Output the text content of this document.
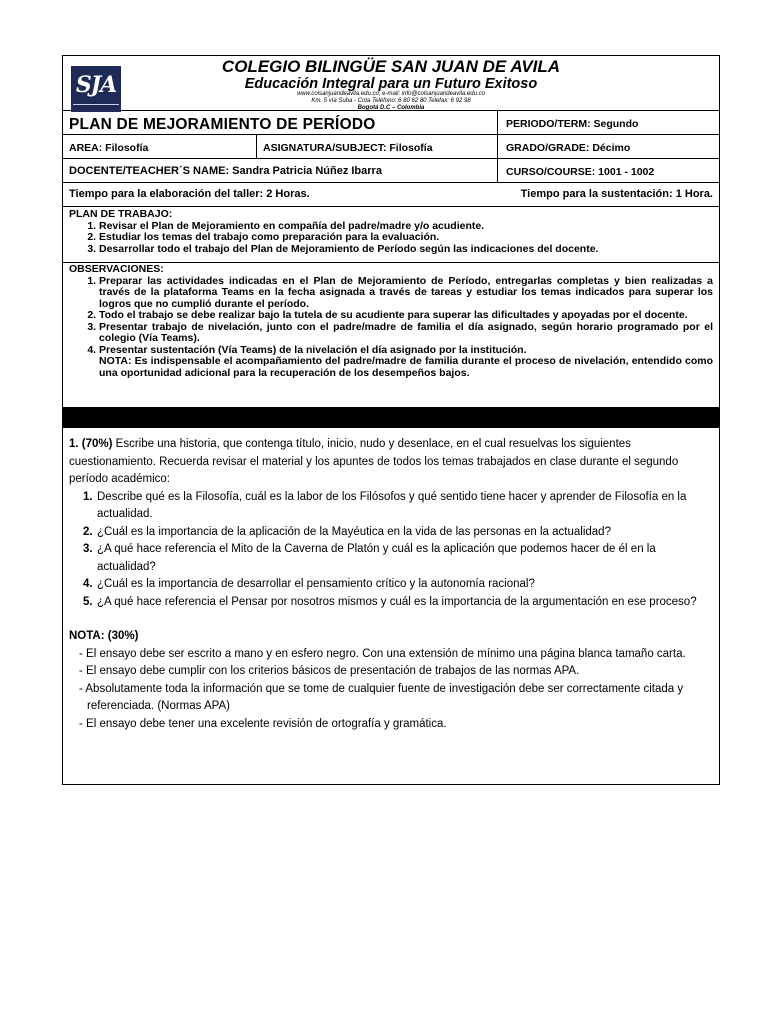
SJA
COLEGIO BILINGÜE SAN JUAN DE AVILA
Educación Integral para un Futuro Exitoso
www.colsanjuandeavila.edu.co; e-mail: info@colsanjuandeavila.edu.co
Km. 5 vía Suba - Cota Teléfono: 6 80 62 80 Telefax: 6 92 98
Bogotá D.C – Colombia
PLAN DE MEJORAMIENTO DE PERÍODO	PERIODO/TERM: Segundo
AREA: Filosofía	ASIGNATURA/SUBJECT: Filosofía	GRADO/GRADE: Décimo
DOCENTE/TEACHER´S NAME: Sandra Patricia Núñez Ibarra	CURSO/COURSE: 1001 - 1002
Tiempo para la elaboración del taller: 2 Horas.	Tiempo para la sustentación: 1 Hora.
PLAN DE TRABAJO:
1. Revisar el Plan de Mejoramiento en compañía del padre/madre y/o acudiente.
2. Estudiar los temas del trabajo como preparación para la evaluación.
3. Desarrollar todo el trabajo del Plan de Mejoramiento de Período según las indicaciones del docente.
OBSERVACIONES:
1. Preparar las actividades indicadas en el Plan de Mejoramiento de Período, entregarlas completas y bien realizadas a través de la plataforma Teams en la fecha asignada a través de tareas y estudiar los temas indicados para superar los logros que no cumplió durante el período.
2. Todo el trabajo se debe realizar bajo la tutela de su acudiente para superar las dificultades y apoyadas por el docente.
3. Presentar trabajo de nivelación, junto con el padre/madre de familia el día asignado, según horario programado por el colegio (Vía Teams).
4. Presentar sustentación (Vía Teams) de la nivelación el día asignado por la institución.
NOTA: Es indispensable el acompañamiento del padre/madre de familia durante el proceso de nivelación, entendido como una oportunidad adicional para la recuperación de los desempeños bajos.

1. (70%) Escribe una historia, que contenga título, inicio, nudo y desenlace, en el cual resuelvas los siguientes cuestionamiento. Recuerda revisar el material y los apuntes de todos los temas trabajados en clase durante el segundo período académico:

1. Describe qué es la Filosofía, cuál es la labor de los Filósofos y qué sentido tiene hacer y aprender de Filosofía en la actualidad.
2. ¿Cuál es la importancia de la aplicación de la Mayéutica en la vida de las personas en la actualidad?
3. ¿A qué hace referencia el Mito de la Caverna de Platón y cuál es la aplicación que podemos hacer de él en la actualidad?
4. ¿Cuál es la importancia de desarrollar el pensamiento crítico y la autonomía racional?
5. ¿A qué hace referencia el Pensar por nosotros mismos y cuál es la importancia de la argumentación en ese proceso?

NOTA: (30%)

- El ensayo debe ser escrito a mano y en esfero negro. Con una extensión de mínimo una página blanca tamaño carta.

- El ensayo debe cumplir con los criterios básicos de presentación de trabajos de las normas APA.

- Absolutamente toda la información que se tome de cualquier fuente de investigación debe ser correctamente citada y referenciada. (Normas APA)

- El ensayo debe tener una excelente revisión de ortografía y gramática.
